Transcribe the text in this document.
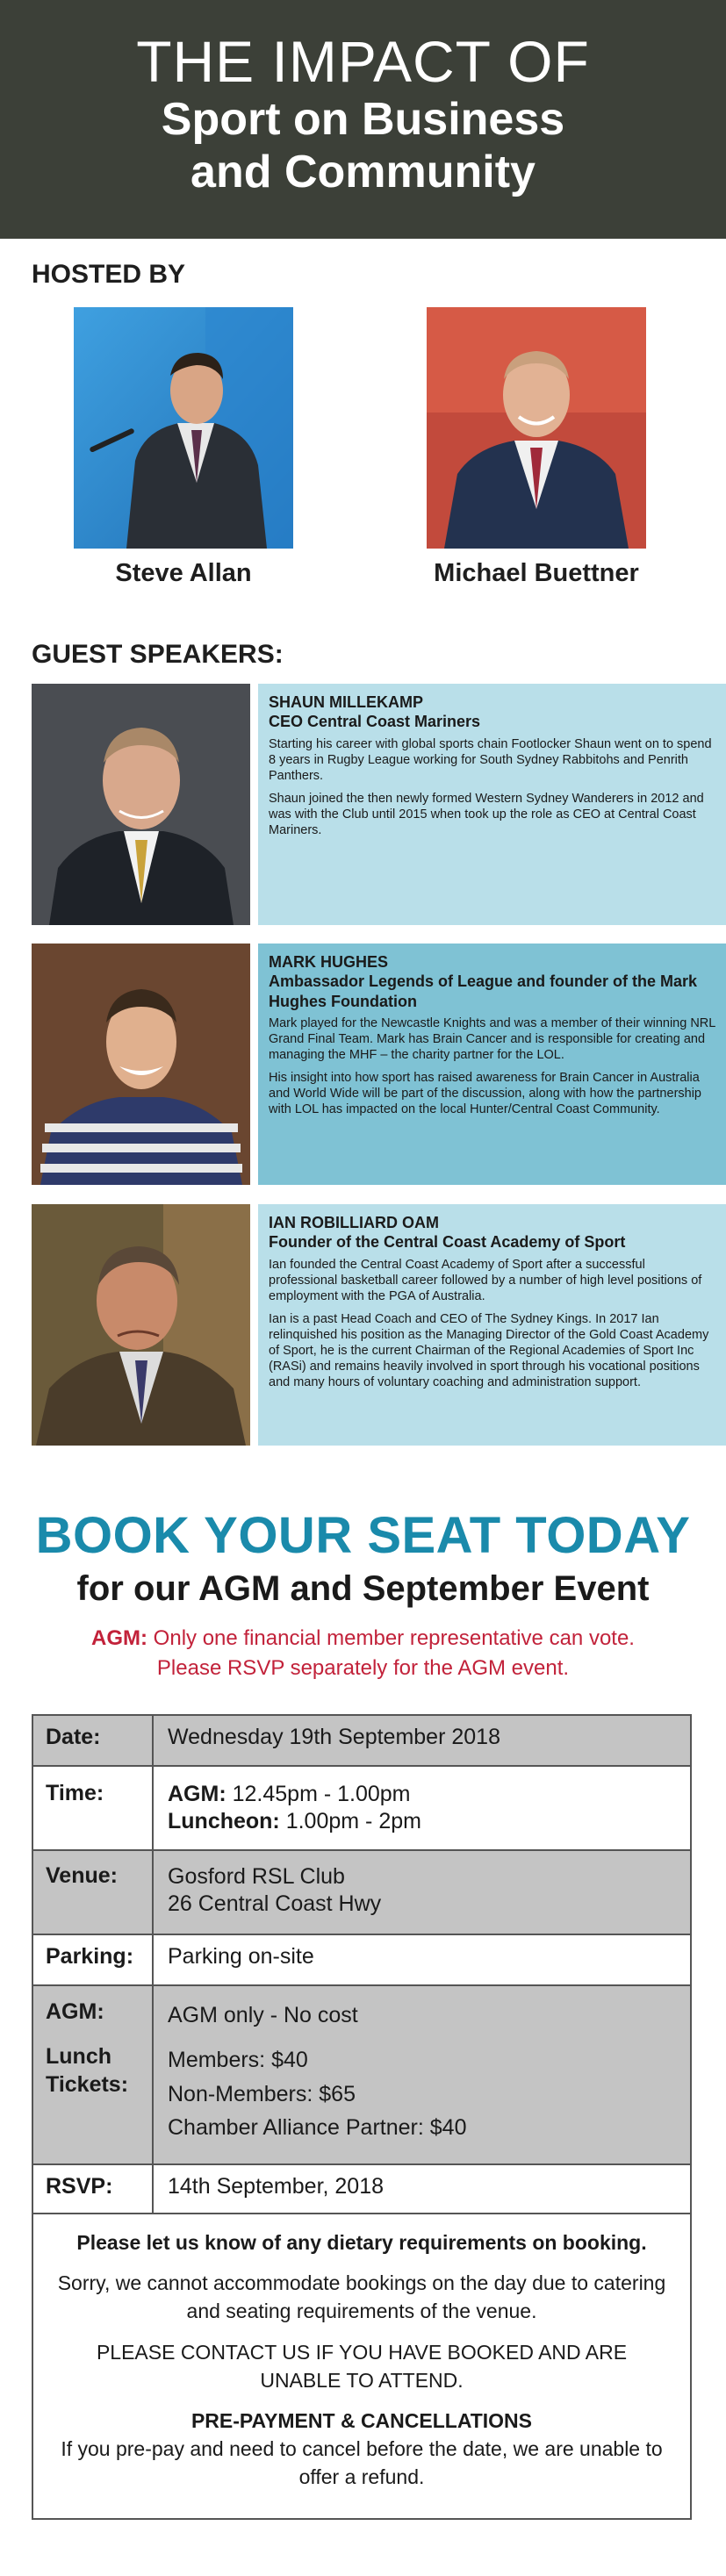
THE IMPACT OF
Sport on Business
and Community
HOSTED BY
Steve Allan	Michael Buettner
GUEST SPEAKERS:
SHAUN MILLEKAMP
CEO Central Coast Mariners

Starting his career with global sports chain Footlocker Shaun went on to spend 8 years in Rugby League working for South Sydney Rabbitohs and Penrith Panthers.

Shaun joined the then newly formed Western Sydney Wanderers in 2012 and was with the Club until 2015 when took up the role as CEO at Central Coast Mariners.

MARK HUGHES
Ambassador Legends of League and founder of the Mark Hughes Foundation

Mark played for the Newcastle Knights and was a member of their winning NRL Grand Final Team. Mark has Brain Cancer and is responsible for creating and managing the MHF – the charity partner for the LOL.

His insight into how sport has raised awareness for Brain Cancer in Australia and World Wide will be part of the discussion, along with how the partnership with LOL has impacted on the local Hunter/Central Coast Community.

IAN ROBILLIARD OAM
Founder of the Central Coast Academy of Sport

Ian founded the Central Coast Academy of Sport after a successful professional basketball career followed by a number of high level positions of employment with the PGA of Australia.

Ian is a past Head Coach and CEO of The Sydney Kings. In 2017 Ian relinquished his position as the Managing Director of the Gold Coast Academy of Sport, he is the current Chairman of the Regional Academies of Sport Inc (RASi) and remains heavily involved in sport through his vocational positions and many hours of voluntary coaching and administration support.

BOOK YOUR SEAT TODAY
for our AGM and September Event
AGM: Only one financial member representative can vote.
Please RSVP separately for the AGM event.
Date:	Wednesday 19th September 2018
Time:	AGM: 12.45pm - 1.00pm
Luncheon: 1.00pm - 2pm

Venue:	Gosford RSL Club
26 Central Coast Hwy

Parking:	Parking on-site

AGM:
Lunch
Tickets:	AGM only - No cost
Members: $40
Non-Members: $65
Chamber Alliance Partner: $40

RSVP:	14th September, 2018

Please let us know of any dietary requirements on booking.

Sorry, we cannot accommodate bookings on the day due to catering and seating requirements of the venue.

PLEASE CONTACT US IF YOU HAVE BOOKED AND ARE UNABLE TO ATTEND.

PRE-PAYMENT & CANCELLATIONS
If you pre-pay and need to cancel before the date, we are unable to offer a refund.
